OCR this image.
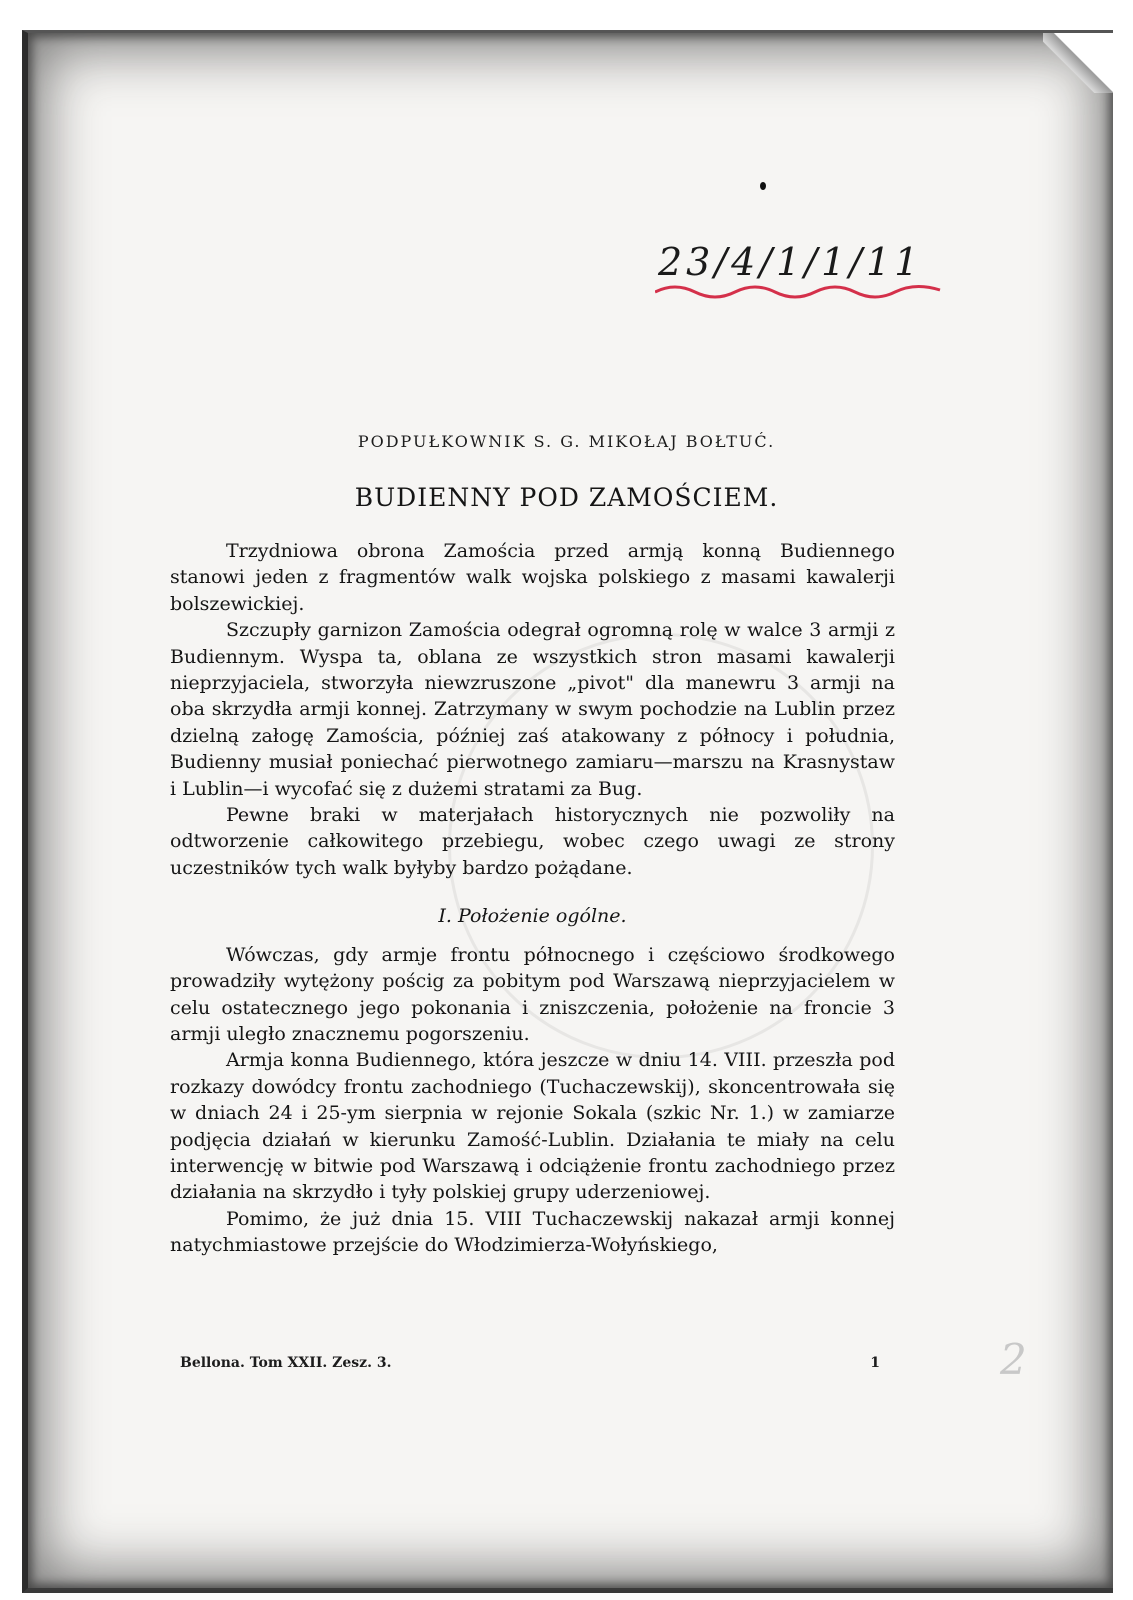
23/4/1/1/11
PODPUŁKOWNIK S. G. MIKOŁAJ BOŁTUĆ.
BUDIENNY POD ZAMOŚCIEM.

Trzydniowa obrona Zamościa przed armją konną Budiennego stanowi jeden z fragmentów walk wojska polskiego z masami kawalerji bolszewickiej.

Szczupły garnizon Zamościa odegrał ogromną rolę w walce 3 armji z Budiennym. Wyspa ta, oblana ze wszystkich stron masami kawalerji nieprzyjaciela, stworzyła niewzruszone „pivot" dla manewru 3 armji na oba skrzydła armji konnej. Zatrzymany w swym pochodzie na Lublin przez dzielną załogę Zamościa, później zaś atakowany z północy i południa, Budienny musiał poniechać pierwotnego zamiaru—marszu na Krasnystaw i Lublin—i wycofać się z dużemi stratami za Bug.

Pewne braki w materjałach historycznych nie pozwoliły na odtworzenie całkowitego przebiegu, wobec czego uwagi ze strony uczestników tych walk byłyby bardzo pożądane.

I. Położenie ogólne.

Wówczas, gdy armje frontu północnego i częściowo środkowego prowadziły wytężony pościg za pobitym pod Warszawą nieprzyjacielem w celu ostatecznego jego pokonania i zniszczenia, położenie na froncie 3 armji uległo znacznemu pogorszeniu.

Armja konna Budiennego, która jeszcze w dniu 14. VIII. przeszła pod rozkazy dowódcy frontu zachodniego (Tuchaczewskij), skoncentrowała się w dniach 24 i 25-ym sierpnia w rejonie Sokala (szkic Nr. 1.) w zamiarze podjęcia działań w kierunku Zamość-Lublin. Działania te miały na celu interwencję w bitwie pod Warszawą i odciążenie frontu zachodniego przez działania na skrzydło i tyły polskiej grupy uderzeniowej.

Pomimo, że już dnia 15. VIII Tuchaczewskij nakazał armji konnej natychmiastowe przejście do Włodzimierza-Wołyńskiego,

Bellona. Tom XXII. Zesz. 3.	1	2
